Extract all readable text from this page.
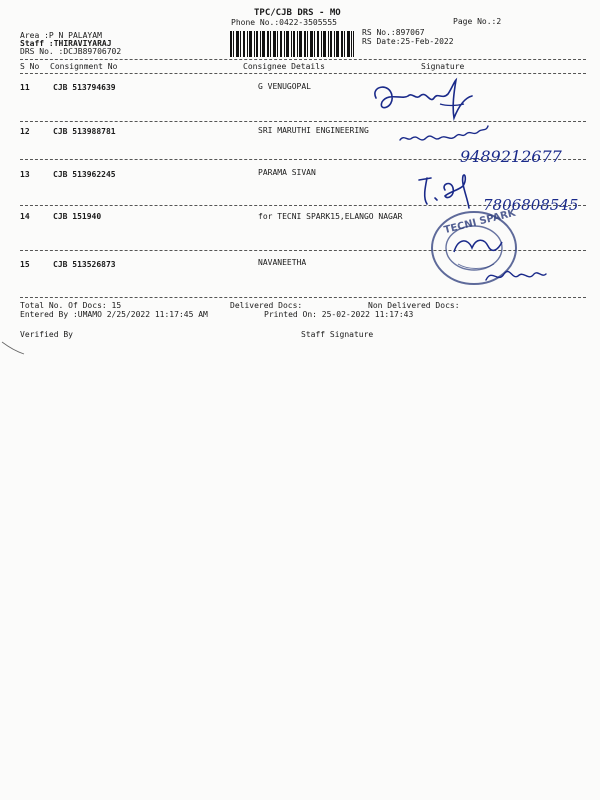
TPC/CJB DRS - MO
Phone No.:0422-3505555	Page No.:2
Area :P N PALAYAM
Staff :THIRAVIYARAJ
DRS No. :DCJB89706702
RS No.:897067
RS Date:25-Feb-2022
S No Consignment No	Consignee Details	Signature
11	CJB 513794639	G VENUGOPAL
12	CJB 513988781	SRI MARUTHI ENGINEERING
13	CJB 513962245	PARAMA SIVAN
14	CJB 151940	for TECNI SPARK15,ELANGO NAGAR
15	CJB 513526873	NAVANEETHA
9489212677
7806808545
TECNI SPARK
Total No. Of Docs: 15	Delivered Docs:	Non Delivered Docs:
Entered By :UMAMO 2/25/2022 11:17:45 AM	Printed On: 25-02-2022 11:17:43
Verified By	Staff Signature
